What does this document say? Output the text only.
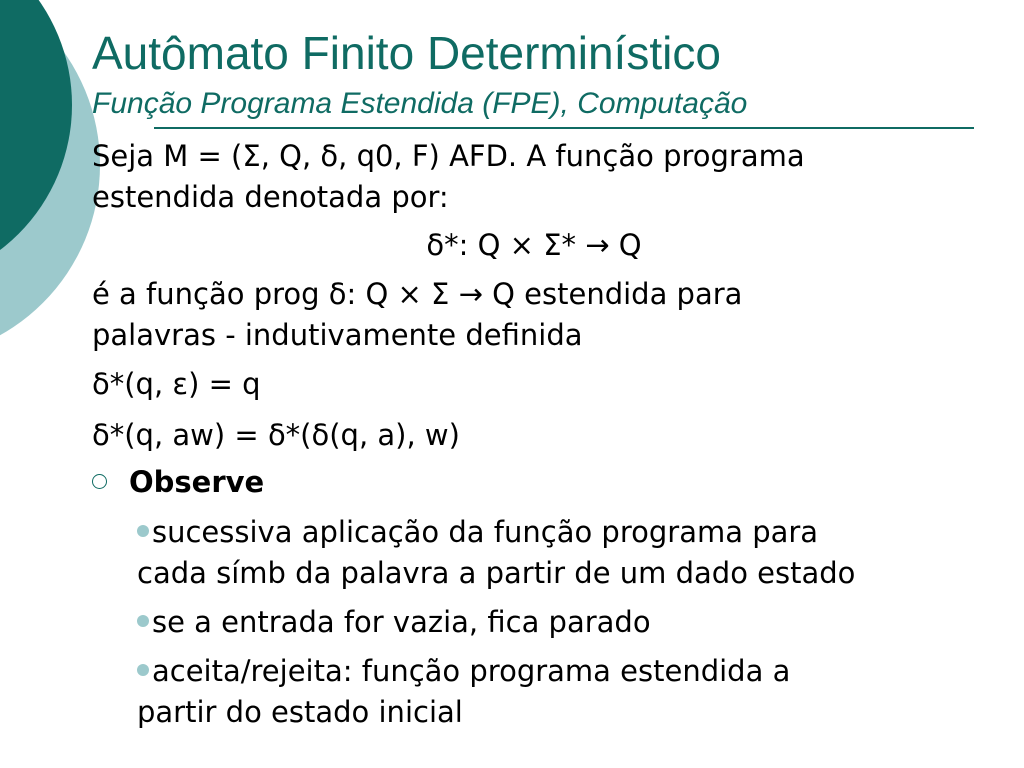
Autômato Finito Determinístico
Função Programa Estendida (FPE), Computação
Seja M = (Σ, Q, δ, q0, F) AFD. A função programa
estendida denotada por:
δ*: Q × Σ* → Q
é a função prog δ: Q × Σ → Q estendida para
palavras - indutivamente definida
δ*(q, ε) = q
δ*(q, aw) = δ*(δ(q, a), w)
Observe
sucessiva aplicação da função programa para
cada símb da palavra a partir de um dado estado
se a entrada for vazia, fica parado
aceita/rejeita: função programa estendida a
partir do estado inicial
